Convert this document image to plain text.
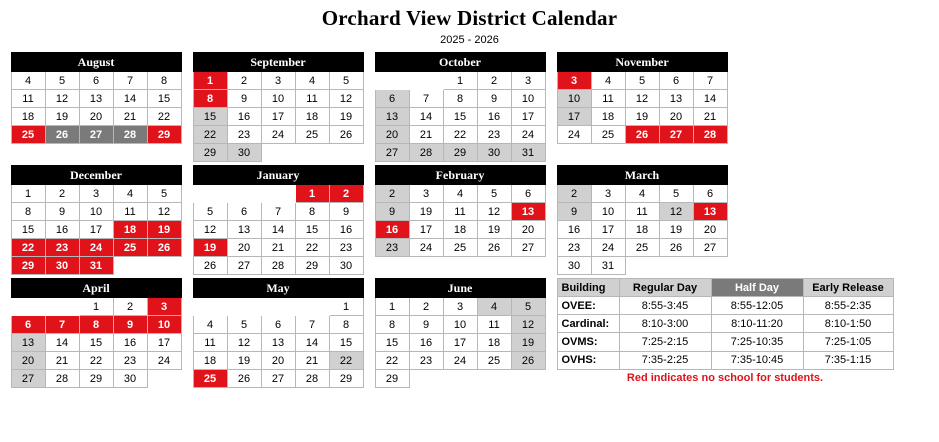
Orchard View District Calendar
2025 - 2026
August				
4	5	6	7	8
11	12	13	14	15
18	19	20	21	22
25	26	27	28	29

September				
1	2	3	4	5
8	9	10	11	12
15	16	17	18	19
22	23	24	25	26
29	30			
October				
		1	2	3
6	7	8	9	10
13	14	15	16	17
20	21	22	23	24
27	28	29	30	31
November				
3	4	5	6	7
10	11	12	13	14
17	18	19	20	21
24	25	26	27	28

December				
1	2	3	4	5
8	9	10	11	12
15	16	17	18	19
22	23	24	25	26
29	30	31		
January				
			1	2
5	6	7	8	9
12	13	14	15	16
19	20	21	22	23
26	27	28	29	30
February				
2	3	4	5	6
9	19	11	12	13
16	17	18	19	20
23	24	25	26	27

March				
2	3	4	5	6
9	10	11	12	13
16	17	18	19	20
23	24	25	26	27
30	31			
April				
		1	2	3
6	7	8	9	10
13	14	15	16	17
20	21	22	23	24
27	28	29	30	
May				
				1
4	5	6	7	8
11	12	13	14	15
18	19	20	21	22
25	26	27	28	29
June				
1	2	3	4	5
8	9	10	11	12
15	16	17	18	19
22	23	24	25	26
29				
Building	Regular Day	Half Day	Early Release
OVEE:	8:55-3:45	8:55-12:05	8:55-2:35
Cardinal:	8:10-3:00	8:10-11:20	8:10-1:50
OVMS:	7:25-2:15	7:25-10:35	7:25-1:05
OVHS:	7:35-2:25	7:35-10:45	7:35-1:15
Red indicates no school for students.			
